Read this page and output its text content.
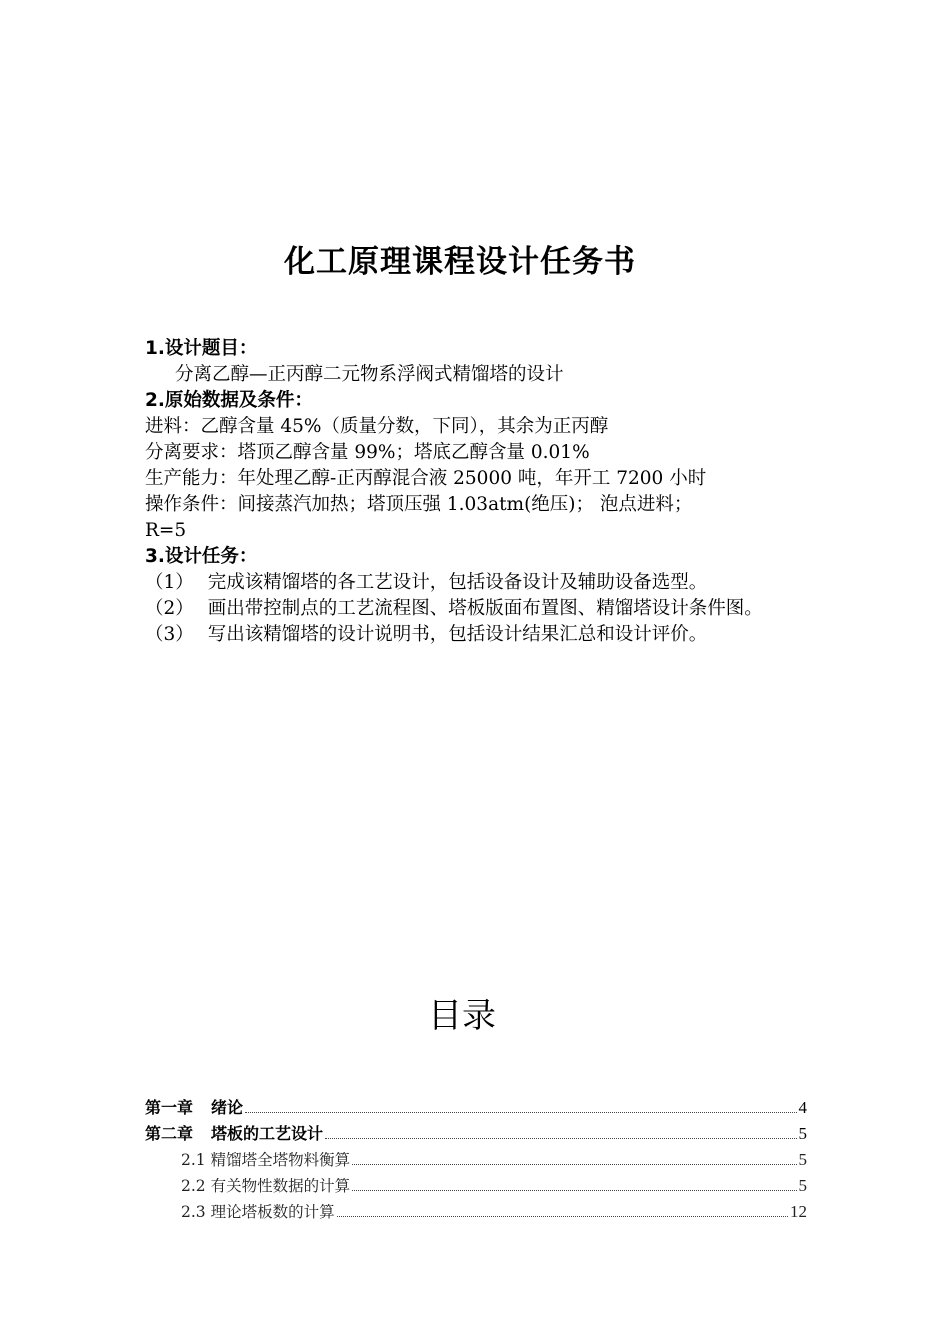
化工原理课程设计任务书
1.设计题目：
分离乙醇—正丙醇二元物系浮阀式精馏塔的设计
2.原始数据及条件：
进料：乙醇含量 45%（质量分数，下同），其余为正丙醇
分离要求：塔顶乙醇含量 99%；塔底乙醇含量 0.01%
生产能力：年处理乙醇-正丙醇混合液 25000 吨，年开工 7200 小时
操作条件：间接蒸汽加热；塔顶压强 1.03atm(绝压)； 泡点进料；
R=5
3.设计任务：
（1） 完成该精馏塔的各工艺设计，包括设备设计及辅助设备选型。
（2） 画出带控制点的工艺流程图、塔板版面布置图、精馏塔设计条件图。
（3） 写出该精馏塔的设计说明书，包括设计结果汇总和设计评价。
目录
第一章 绪论	4
第二章 塔板的工艺设计	5
2.1 精馏塔全塔物料衡算	5
2.2 有关物性数据的计算	5
2.3 理论塔板数的计算	12
